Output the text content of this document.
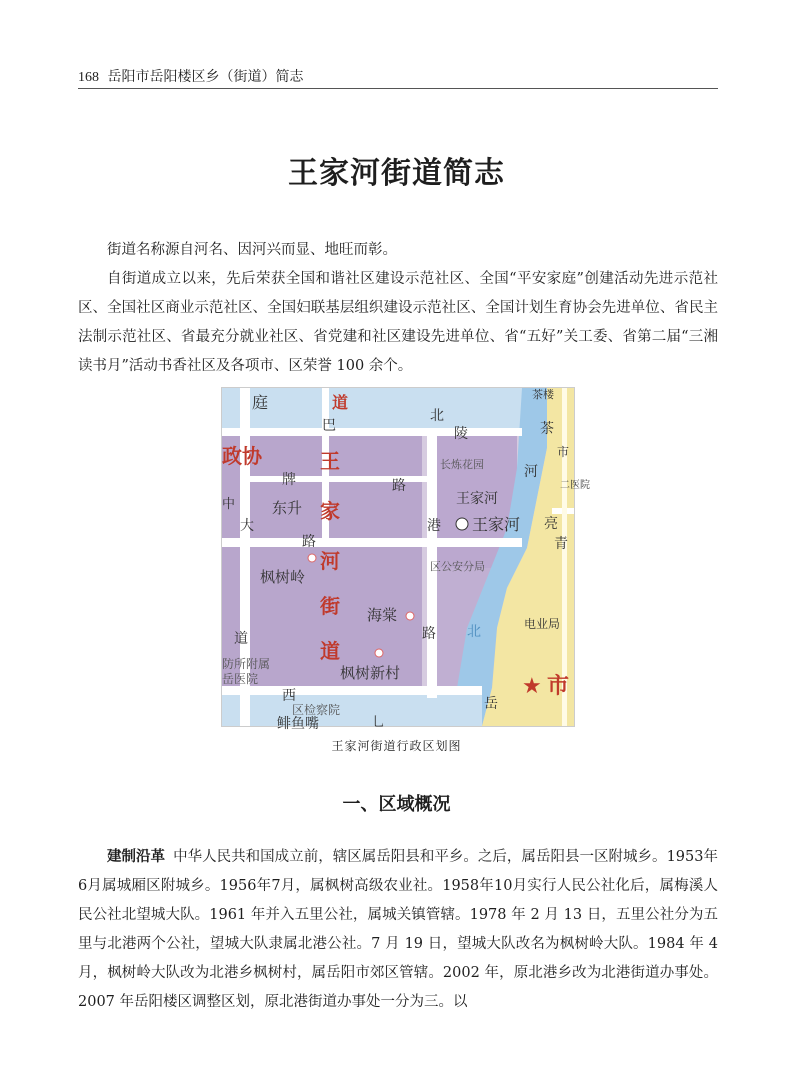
168 岳阳市岳阳楼区乡（街道）简志
王家河街道简志

街道名称源自河名、因河兴而显、地旺而彰。

自街道成立以来，先后荣获全国和谐社区建设示范社区、全国“平安家庭”创建活动先进示范社区、全国社区商业示范社区、全国妇联基层组织建设示范社区、全国计划生育协会先进单位、省民主法制示范社区、省最充分就业社区、省党建和社区建设先进单位、省“五好”关工委、省第二届“三湘读书月”活动书香社区及各项市、区荣誉 100 余个。

庭	道
北
巴	陵
政协	王
牌	路
东升 家
大	港
路
河
枫树岭
街 海棠
路
道	道
防所附属
岳医院	枫树新村
西
区检察院
鲱鱼嘴
中
乚
长炼花园
王家河
王家河
区公安分局
北
岳
茶楼
茶
市
河
二医院
亮
青
电业局
★ 市
王家河街道行政区划图
一、区域概况

建制沿革 中华人民共和国成立前，辖区属岳阳县和平乡。之后，属岳阳县一区附城乡。1953年6月属城厢区附城乡。1956年7月，属枫树高级农业社。1958年10月实行人民公社化后，属梅溪人民公社北望城大队。1961 年并入五里公社，属城关镇管辖。1978 年 2 月 13 日，五里公社分为五里与北港两个公社，望城大队隶属北港公社。7 月 19 日，望城大队改名为枫树岭大队。1984 年 4 月，枫树岭大队改为北港乡枫树村，属岳阳市郊区管辖。2002 年，原北港乡改为北港街道办事处。2007 年岳阳楼区调整区划，原北港街道办事处一分为三。以
